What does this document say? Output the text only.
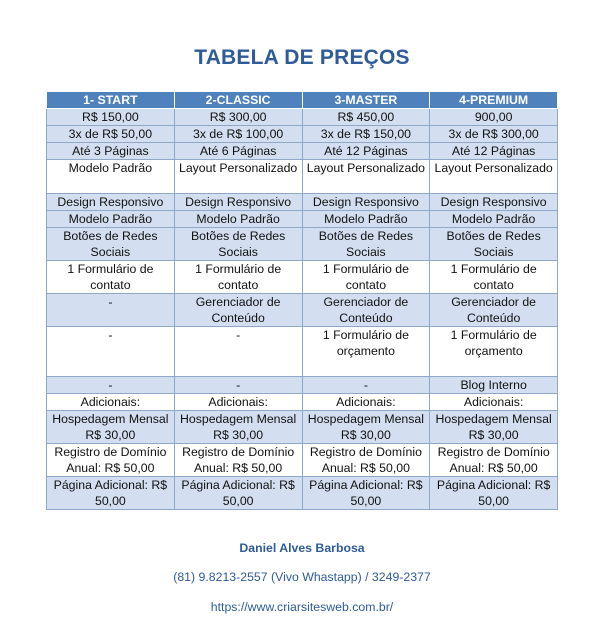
TABELA DE PREÇOS
1- START	2-CLASSIC	3-MASTER	4-PREMIUM
R$ 150,00	R$ 300,00	R$ 450,00	900,00
3x de R$ 50,00	3x de R$ 100,00	3x de R$ 150,00	3x de R$ 300,00
Até 3 Páginas	Até 6 Páginas	Até 12 Páginas	Até 12 Páginas
Modelo Padrão	Layout Personalizado	Layout Personalizado	Layout Personalizado
Design Responsivo	Design Responsivo	Design Responsivo	Design Responsivo
Modelo Padrão	Modelo Padrão	Modelo Padrão	Modelo Padrão
Botões de Redes Sociais	Botões de Redes Sociais	Botões de Redes Sociais	Botões de Redes Sociais
1 Formulário de contato	1 Formulário de contato	1 Formulário de contato	1 Formulário de contato
-	Gerenciador de Conteúdo	Gerenciador de Conteúdo	Gerenciador de Conteúdo
-	-	1 Formulário de orçamento	1 Formulário de orçamento
-	-	-	Blog Interno
Adicionais:	Adicionais:	Adicionais:	Adicionais:
Hospedagem Mensal R$ 30,00	Hospedagem Mensal R$ 30,00	Hospedagem Mensal R$ 30,00	Hospedagem Mensal R$ 30,00
Registro de Domínio Anual: R$ 50,00	Registro de Domínio Anual: R$ 50,00	Registro de Domínio Anual: R$ 50,00	Registro de Domínio Anual: R$ 50,00
Página Adicional: R$ 50,00	Página Adicional: R$ 50,00	Página Adicional: R$ 50,00	Página Adicional: R$ 50,00
Daniel Alves Barbosa
(81) 9.8213-2557 (Vivo Whastapp) / 3249-2377
https://www.criarsitesweb.com.br/
